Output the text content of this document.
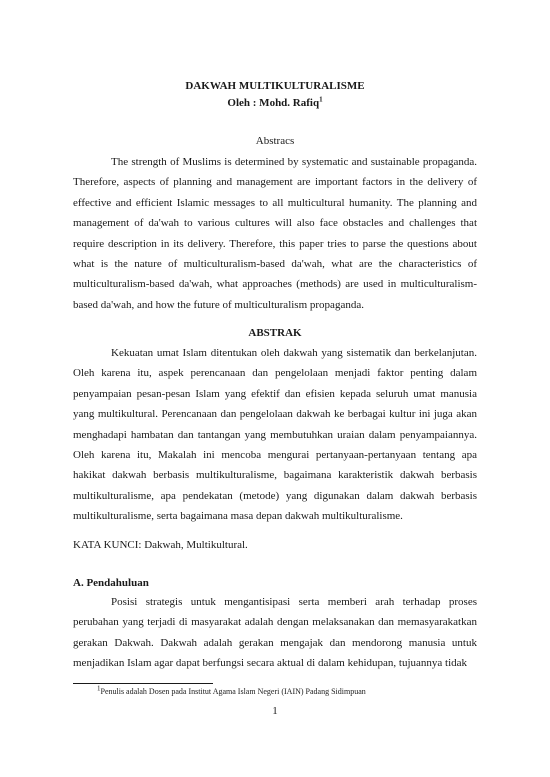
DAKWAH MULTIKULTURALISME
Oleh : Mohd. Rafiq$^1$
Abstracs

The strength of Muslims is determined by systematic and sustainable propaganda. Therefore, aspects of planning and management are important factors in the delivery of effective and efficient Islamic messages to all multicultural humanity. The planning and management of da'wah to various cultures will also face obstacles and challenges that require description in its delivery. Therefore, this paper tries to parse the questions about what is the nature of multiculturalism-based da'wah, what are the characteristics of multiculturalism-based da'wah, what approaches (methods) are used in multiculturalism-based da'wah, and how the future of multiculturalism propaganda.

ABSTRAK

Kekuatan umat Islam ditentukan oleh dakwah yang sistematik dan berkelanjutan. Oleh karena itu, aspek perencanaan dan pengelolaan menjadi faktor penting dalam penyampaian pesan-pesan Islam yang efektif dan efisien kepada seluruh umat manusia yang multikultural. Perencanaan dan pengelolaan dakwah ke berbagai kultur ini juga akan menghadapi hambatan dan tantangan yang membutuhkan uraian dalam penyampaiannya. Oleh karena itu, Makalah ini mencoba mengurai pertanyaan-pertanyaan tentang apa hakikat dakwah berbasis multikulturalisme, bagaimana karakteristik dakwah berbasis multikulturalisme, apa pendekatan (metode) yang digunakan dalam dakwah berbasis multikulturalisme, serta bagaimana masa depan dakwah multikulturalisme.

KATA KUNCI: Dakwah, Multikultural.
A. Pendahuluan

Posisi strategis untuk mengantisipasi serta memberi arah terhadap proses perubahan yang terjadi di masyarakat adalah dengan melaksanakan dan memasyarakatkan gerakan Dakwah. Dakwah adalah gerakan mengajak dan mendorong manusia untuk menjadikan Islam agar dapat berfungsi secara aktual di dalam kehidupan, tujuannya tidak

$^1$Penulis adalah Dosen pada Institut Agama Islam Negeri (IAIN) Padang Sidimpuan
1
